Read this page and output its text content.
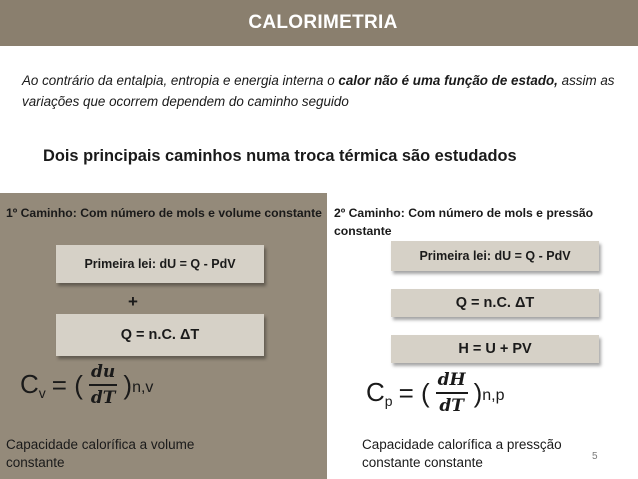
CALORIMETRIA

Ao contrário da entalpia, entropia e energia interna o calor não é uma função de estado, assim as variações que ocorrem dependem do caminho seguido

Dois principais caminhos numa troca térmica são estudados
1º Caminho: Com número de mols e volume constante
Primeira lei: dU = Q - PdV
+
Q = n.C. ΔT
$C_v$ = ( $\frac{du}{dT}$ ) n,v
Capacidade calorífica a volume constante
2º Caminho: Com número de mols e pressão constante
Primeira lei: dU = Q - PdV
Q = n.C. ΔT
H = U + PV
$C_p$ = ( $\frac{dH}{dT}$ ) n,p
Capacidade calorífica a pressção constante constante	5
